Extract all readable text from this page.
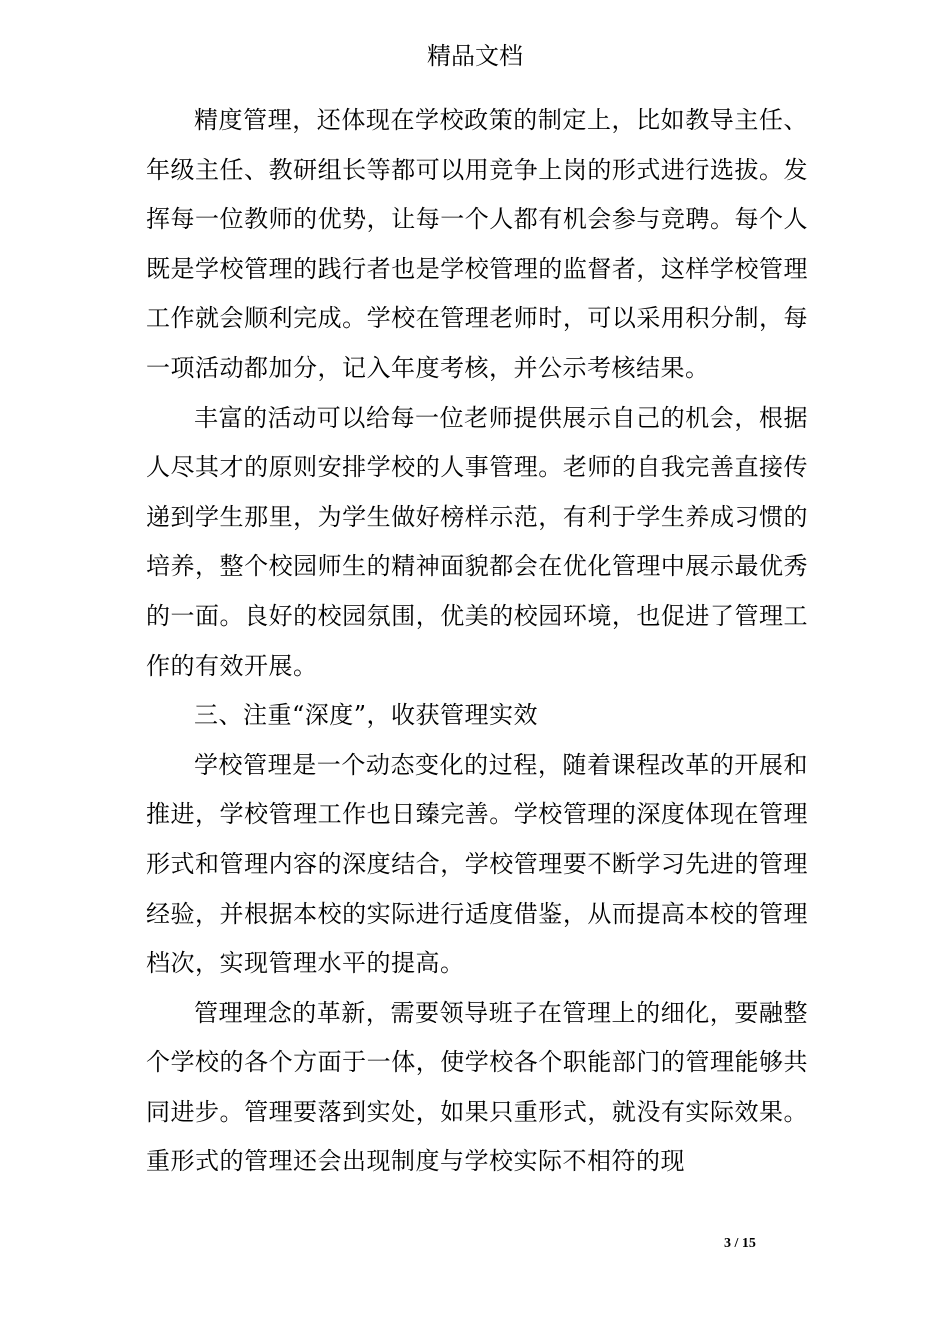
精品文档

精度管理，还体现在学校政策的制定上，比如教导主任、年级主任、教研组长等都可以用竞争上岗的形式进行选拔。发挥每一位教师的优势，让每一个人都有机会参与竞聘。每个人既是学校管理的践行者也是学校管理的监督者，这样学校管理工作就会顺利完成。学校在管理老师时，可以采用积分制，每一项活动都加分，记入年度考核，并公示考核结果。

丰富的活动可以给每一位老师提供展示自己的机会，根据人尽其才的原则安排学校的人事管理。老师的自我完善直接传递到学生那里，为学生做好榜样示范，有利于学生养成习惯的培养，整个校园师生的精神面貌都会在优化管理中展示最优秀的一面。良好的校园氛围，优美的校园环境，也促进了管理工作的有效开展。

三、注重“深度”，收获管理实效

学校管理是一个动态变化的过程，随着课程改革的开展和推进，学校管理工作也日臻完善。学校管理的深度体现在管理形式和管理内容的深度结合，学校管理要不断学习先进的管理经验，并根据本校的实际进行适度借鉴，从而提高本校的管理档次，实现管理水平的提高。

管理理念的革新，需要领导班子在管理上的细化，要融整个学校的各个方面于一体，使学校各个职能部门的管理能够共同进步。管理要落到实处，如果只重形式，就没有实际效果。重形式的管理还会出现制度与学校实际不相符的现

3 / 15
